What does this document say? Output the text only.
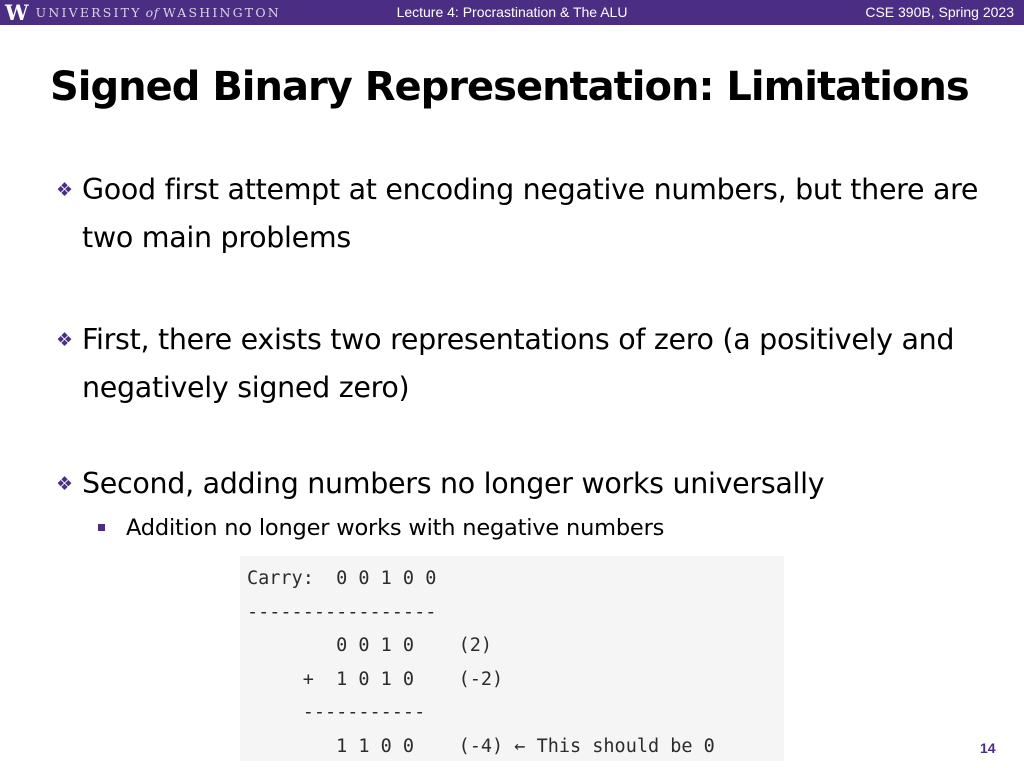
W UNIVERSITY of WASHINGTON	Lecture 4: Procrastination & The ALU	CSE 390B, Spring 2023
Signed Binary Representation: Limitations
❖ Good first attempt at encoding negative numbers, but there are two main problems
❖ First, there exists two representations of zero (a positively and negatively signed zero)
❖ Second, adding numbers no longer works universally
Addition no longer works with negative numbers
Carry:  0 0 1 0 0
-----------------
0 0 1 0    (2)
+  1 0 1 0    (-2)
-----------
1 1 0 0    (-4) ← This should be 0	14
